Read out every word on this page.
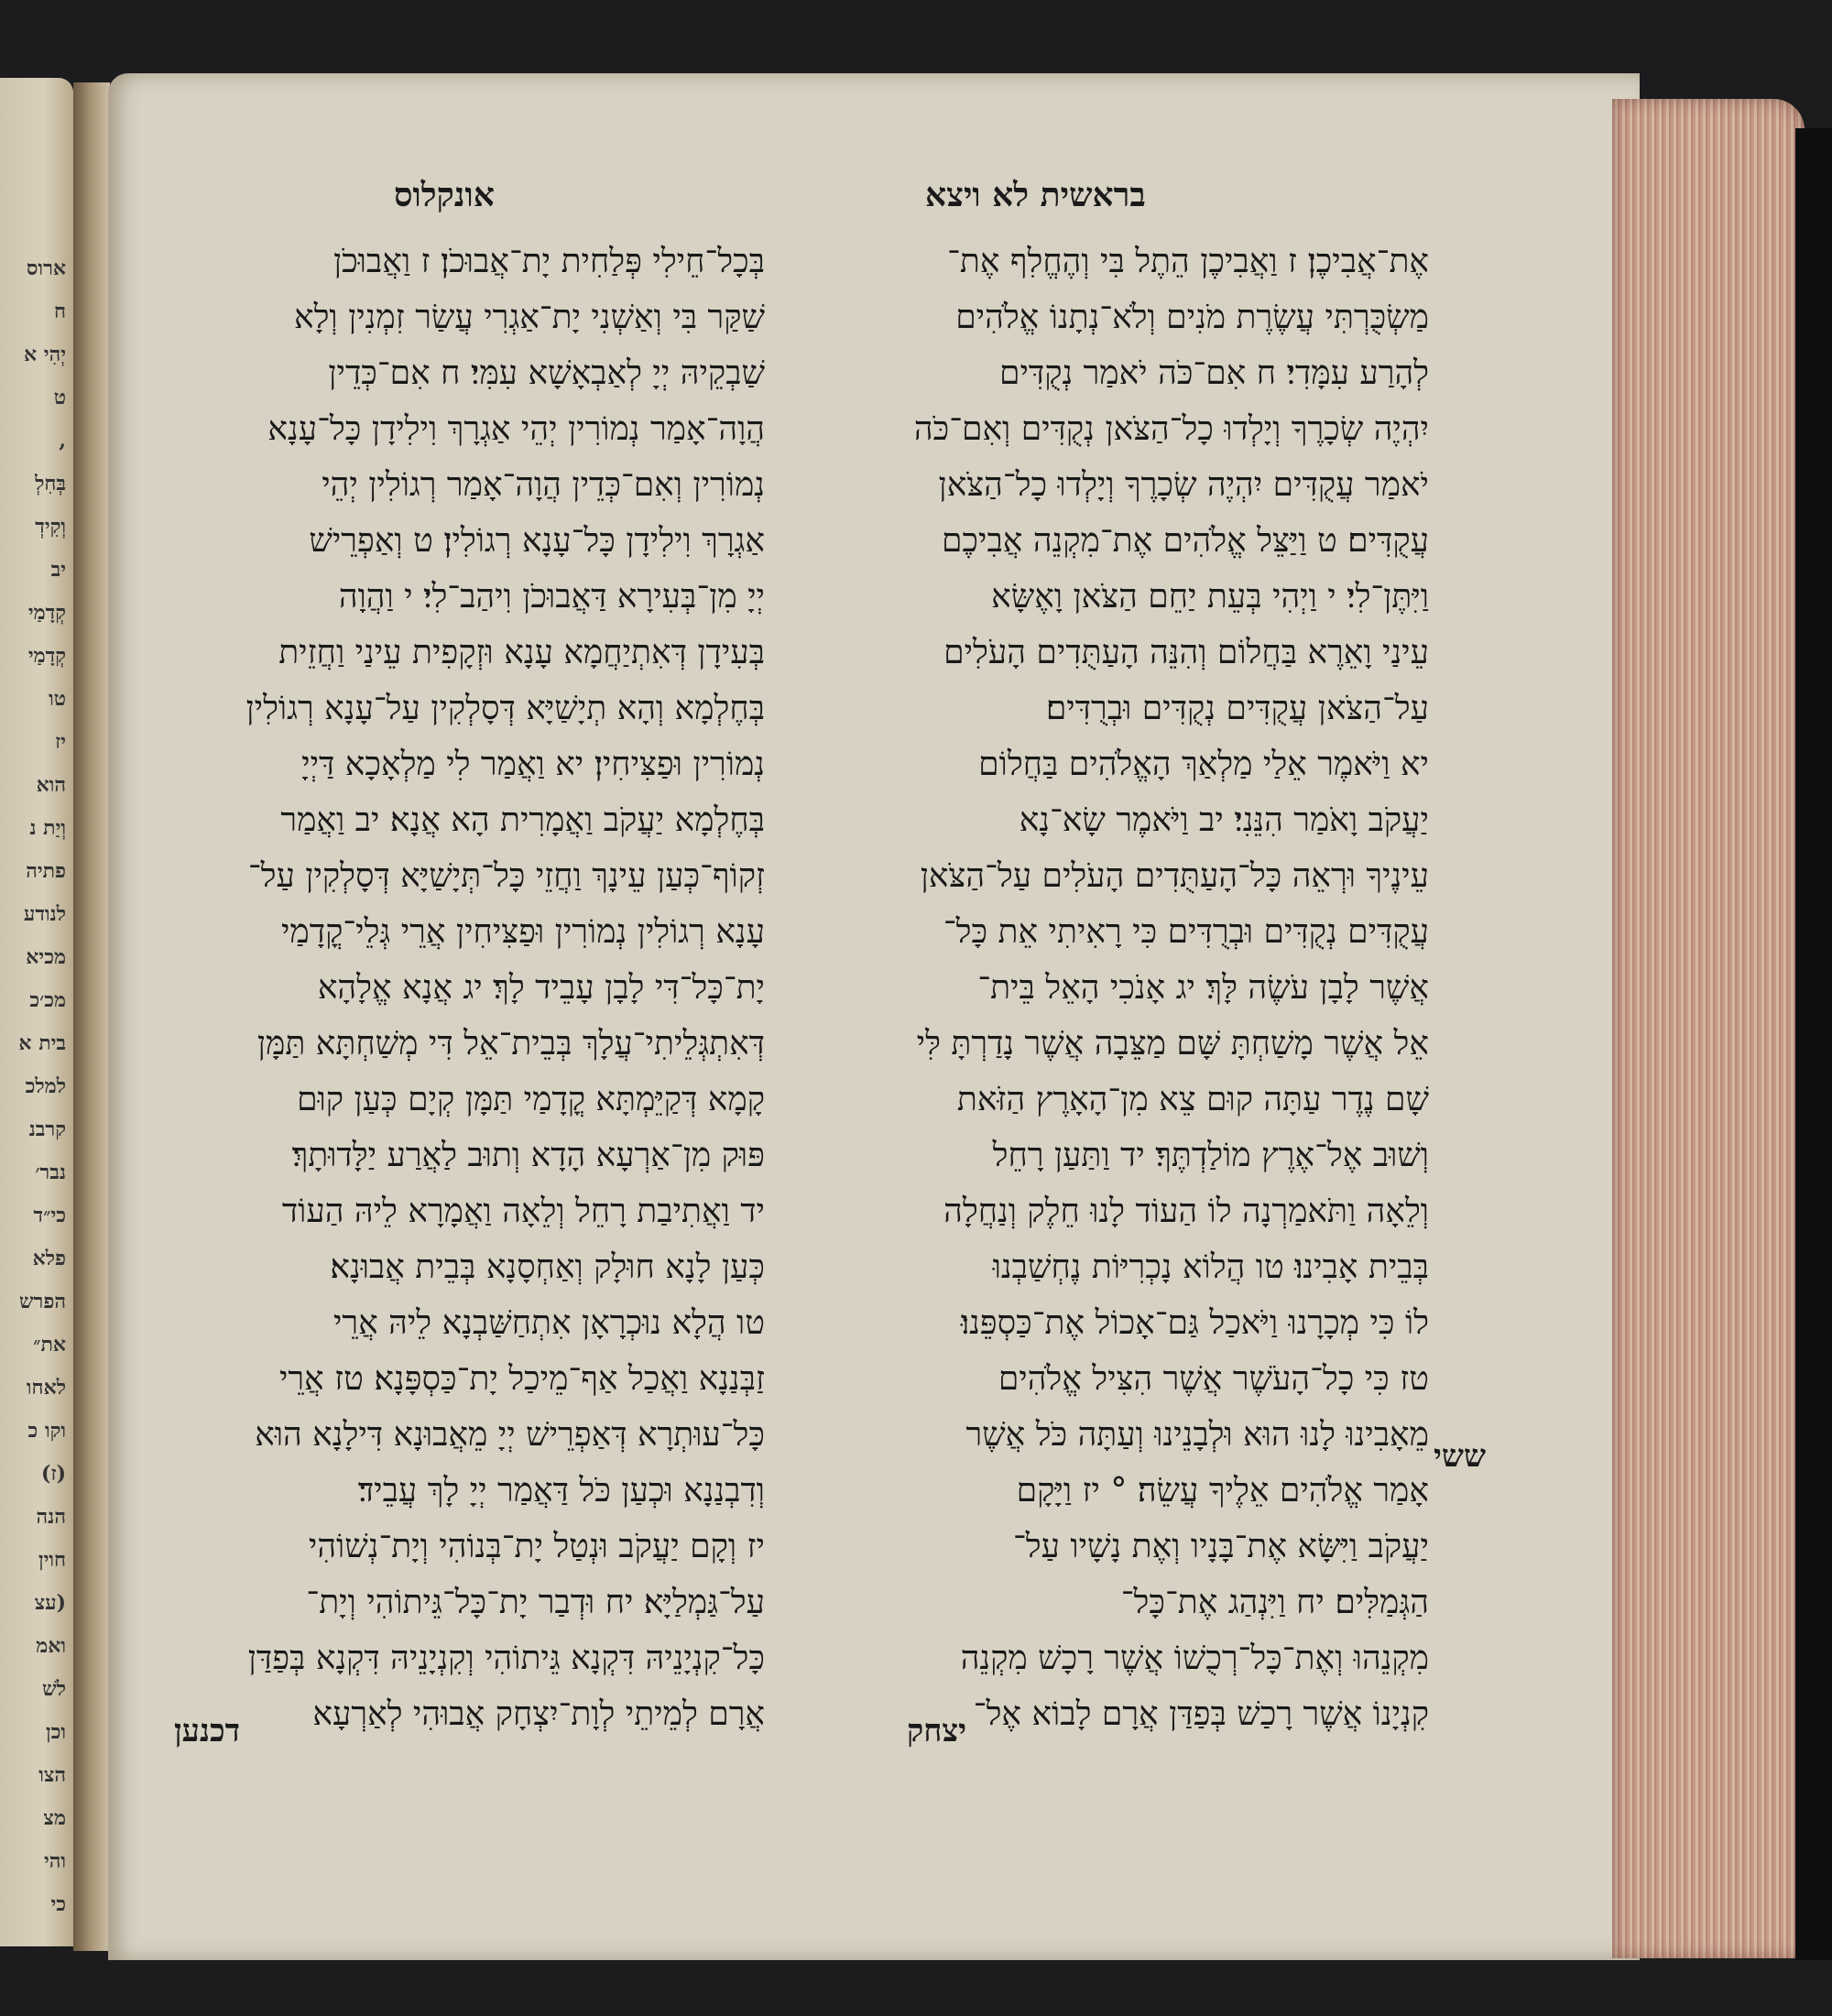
ארוס
ח
יְהִי א
ט
,
בְּחִלְ
וְקִידְ
יב
קְדָמַי
קְדָמַי
טו
יז
הוא
וְיַת נ
פתיה
לנודע
מכיא
מכ׳כ
בית א
למלכ
קרבנ
נבר׳
כי״ד
פלא
הפרש
את״
לאחו
וקו כ
(ז)
הנה
חוין
(עצ
ואמ
לשׁ
וכן
הצו
מצ
והי
כי
בראשית לא ויצא
אונקלוס
אֶת־אֲבִיכֶן׃ ז וַאֲבִיכֶן הֵתֶל בִּי וְהֶחֱלִף אֶת־
מַשְׂכֻּרְתִּי עֲשֶׂרֶת מֹנִים וְלֹא־נְתָנוֹ אֱלֹהִים
לְהָרַע עִמָּדִי׃ ח אִם־כֹּה יֹאמַר נְקֻדִּים
יִהְיֶה שְׂכָרֶךָ וְיָלְדוּ כָל־הַצֹּאן נְקֻדִּים וְאִם־כֹּה
יֹאמַר עֲקֻדִּים יִהְיֶה שְׂכָרֶךָ וְיָלְדוּ כָל־הַצֹּאן
עֲקֻדִּים׃ ט וַיַּצֵּל אֱלֹהִים אֶת־מִקְנֵה אֲבִיכֶם
וַיִּתֶּן־לִי׃ י וַיְהִי בְּעֵת יַחֵם הַצֹּאן וָאֶשָּׂא
עֵינַי וָאֵרֶא בַּחֲלוֹם וְהִנֵּה הָעַתֻּדִים הָעֹלִים
עַל־הַצֹּאן עֲקֻדִּים נְקֻדִּים וּבְרֻדִּים׃
יא וַיֹּאמֶר אֵלַי מַלְאַךְ הָאֱלֹהִים בַּחֲלוֹם
יַעֲקֹב וָאֹמַר הִנֵּנִי׃ יב וַיֹּאמֶר שָׂא־נָא
עֵינֶיךָ וּרְאֵה כָּל־הָעַתֻּדִים הָעֹלִים עַל־הַצֹּאן
עֲקֻדִּים נְקֻדִּים וּבְרֻדִּים כִּי רָאִיתִי אֵת כָּל־
אֲשֶׁר לָבָן עֹשֶׂה לָּךְ׃ יג אָנֹכִי הָאֵל בֵּית־
אֵל אֲשֶׁר מָשַׁחְתָּ שָּׁם מַצֵּבָה אֲשֶׁר נָדַרְתָּ לִּי
שָׁם נֶדֶר עַתָּה קוּם צֵא מִן־הָאָרֶץ הַזֹּאת
וְשׁוּב אֶל־אֶרֶץ מוֹלַדְתֶּךָ׃ יד וַתַּעַן רָחֵל
וְלֵאָה וַתֹּאמַרְנָה לוֹ הַעוֹד לָנוּ חֵלֶק וְנַחֲלָה
בְּבֵית אָבִינוּ׃ טו הֲלוֹא נָכְרִיּוֹת נֶחְשַׁבְנוּ
לוֹ כִּי מְכָרָנוּ וַיֹּאכַל גַּם־אָכוֹל אֶת־כַּסְפֵּנוּ׃
טז כִּי כָל־הָעֹשֶׁר אֲשֶׁר הִצִּיל אֱלֹהִים
מֵאָבִינוּ לָנוּ הוּא וּלְבָנֵינוּ וְעַתָּה כֹּל אֲשֶׁר
אָמַר אֱלֹהִים אֵלֶיךָ עֲשֵׂה׃ ° יז וַיָּקָם
יַעֲקֹב וַיִּשָּׂא אֶת־בָּנָיו וְאֶת נָשָׁיו עַל־
הַגְּמַלִּים׃ יח וַיִּנְהַג אֶת־כָּל־
מִקְנֵהוּ וְאֶת־כָּל־רְכֻשׁוֹ אֲשֶׁר רָכָשׁ מִקְנֵה
קִנְיָנוֹ אֲשֶׁר רָכַשׁ בְּפַדַּן אֲרָם לָבוֹא אֶל־
בְּכָל־חֵילִי פְּלַחִית יָת־אֲבוּכֹן׃ ז וַאֲבוּכֹן
שַׁקַּר בִּי וְאַשְׁנִי יָת־אַגְרִי עֲשַׂר זִמְנִין וְלָא
שַׁבְקֵיהּ יְיָ לְאַבְאָשָׁא עִמִּי׃ ח אִם־כְּדֵין
הֲוָה־אָמַר נְמוֹרִין יְהֵי אַגְרָךְ וִילִידָן כָּל־עָנָא
נְמוֹרִין וְאִם־כְּדֵין הֲוָה־אָמַר רְגוֹלִין יְהֵי
אַגְרָךְ וִילִידָן כָּל־עָנָא רְגוֹלִין׃ ט וְאַפְרֵישׁ
יְיָ מִן־בְּעִירָא דַּאֲבוּכֹן וִיהַב־לִי׃ י וַהֲוָה
בְּעִידָן דְּאִתְיַחֲמָא עָנָא וּזְקָפִית עֵינַי וַחֲזֵית
בְּחֶלְמָא וְהָא תְיָשַׁיָּא דְּסָלְקִין עַל־עָנָא רְגוֹלִין
נְמוֹרִין וּפַצִּיחִין׃ יא וַאֲמַר לִי מַלְאָכָא דַּיְיָ
בְּחֶלְמָא יַעֲקֹב וַאֲמָרִית הָא אֲנָא׃ יב וַאֲמַר
זְקוֹף־כְּעַן עֵינָךְ וַחֲזֵי כָּל־תְּיָשַׁיָּא דְּסָלְקִין עַל־
עָנָא רְגוֹלִין נְמוֹרִין וּפַצִּיחִין אֲרֵי גְּלֵי־קֳדָמַי
יָת־כָּל־דִּי לָבָן עָבֵיד לָךְ׃ יג אֲנָא אֱלָהָא
דְּאִתְגְּלֵיתִי־עֲלָךְ בְּבֵית־אֵל דִּי מְשַׁחְתָּא תַּמָּן
קָמָא דְּקַיֵּמְתָּא קֳדָמַי תַּמָּן קְיָם כְּעַן קוּם
פּוּק מִן־אַרְעָא הָדָא וְתוּב לַאֲרַע יַלָּדוּתָךְ׃
יד וַאֲתִיבַת רָחֵל וְלֵאָה וַאֲמָרָא לֵיהּ הַעוֹד
כְּעַן לָנָא חוּלָק וְאַחְסָנָא בְּבֵית אֲבוּנָא׃
טו הֲלָא נוּכְרָאָן אִתְחַשַּׁבְנָא לֵיהּ אֲרֵי
זַבְּנַנָא וַאֲכַל אַף־מֵיכַל יָת־כַּסְפָּנָא׃ טז אֲרֵי
כָּל־עוּתְרָא דְּאַפְרֵישׁ יְיָ מֵאֲבוּנָא דִּילָנָא הוּא
וְדִבְנַנָא וּכְעַן כֹּל דַּאֲמַר יְיָ לָךְ עֲבֵיד׃
יז וְקָם יַעֲקֹב וּנְטַל יָת־בְּנוֹהִי וְיָת־נְשׁוֹהִי
עַל־גַּמְלַיָּא׃ יח וּדְבַר יָת־כָּל־גֵּיתוֹהִי וְיָת־
כָּל־קִנְיָנֵיהּ דִּקְנָא גֵּיתוֹהִי וְקִנְיָנֵיהּ דִּקְנָא בְּפַדַּן
אֲרָם לְמֵיתֵי לְוָת־יִצְחָק אֲבוּהִי לְאַרְעָא
ששי
יצחק
דכנען
